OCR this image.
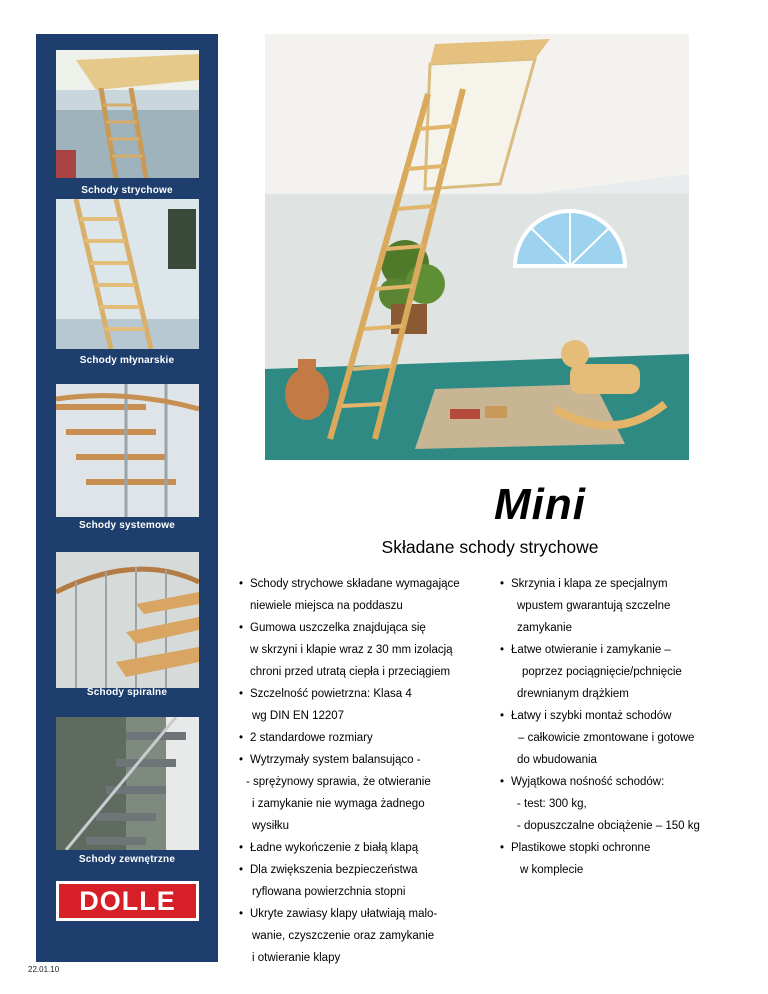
Schody strychowe
Schody młynarskie
Schody systemowe
Schody spiralne
Schody zewnętrzne
DOLLE
22.01.10
Mini
Składane schody strychowe
• Schody strychowe składane wymagające
niewiele miejsca na poddaszu
• Gumowa uszczelka znajdująca się
w skrzyni i klapie wraz z 30 mm izolacją
chroni przed utratą ciepła i przeciągiem
• Szczelność powietrzna: Klasa 4
wg DIN EN 12207
• 2 standardowe rozmiary
• Wytrzymały system balansująco -
- sprężynowy sprawia, że otwieranie
i zamykanie nie wymaga żadnego
wysiłku
• Ładne wykończenie z białą klapą
• Dla zwiększenia bezpieczeństwa
ryflowana powierzchnia stopni
• Ukryte zawiasy klapy ułatwiają malo-
wanie, czyszczenie oraz zamykanie
i otwieranie klapy
• Skrzynia i klapa ze specjalnym
wpustem gwarantują szczelne
zamykanie
• Łatwe otwieranie i zamykanie –
poprzez pociągnięcie/pchnięcie
drewnianym drążkiem
• Łatwy i szybki montaż schodów
– całkowicie zmontowane i gotowe
do wbudowania
• Wyjątkowa nośność schodów:
- test: 300 kg,
- dopuszczalne obciążenie – 150 kg
• Plastikowe stopki ochronne
w komplecie
